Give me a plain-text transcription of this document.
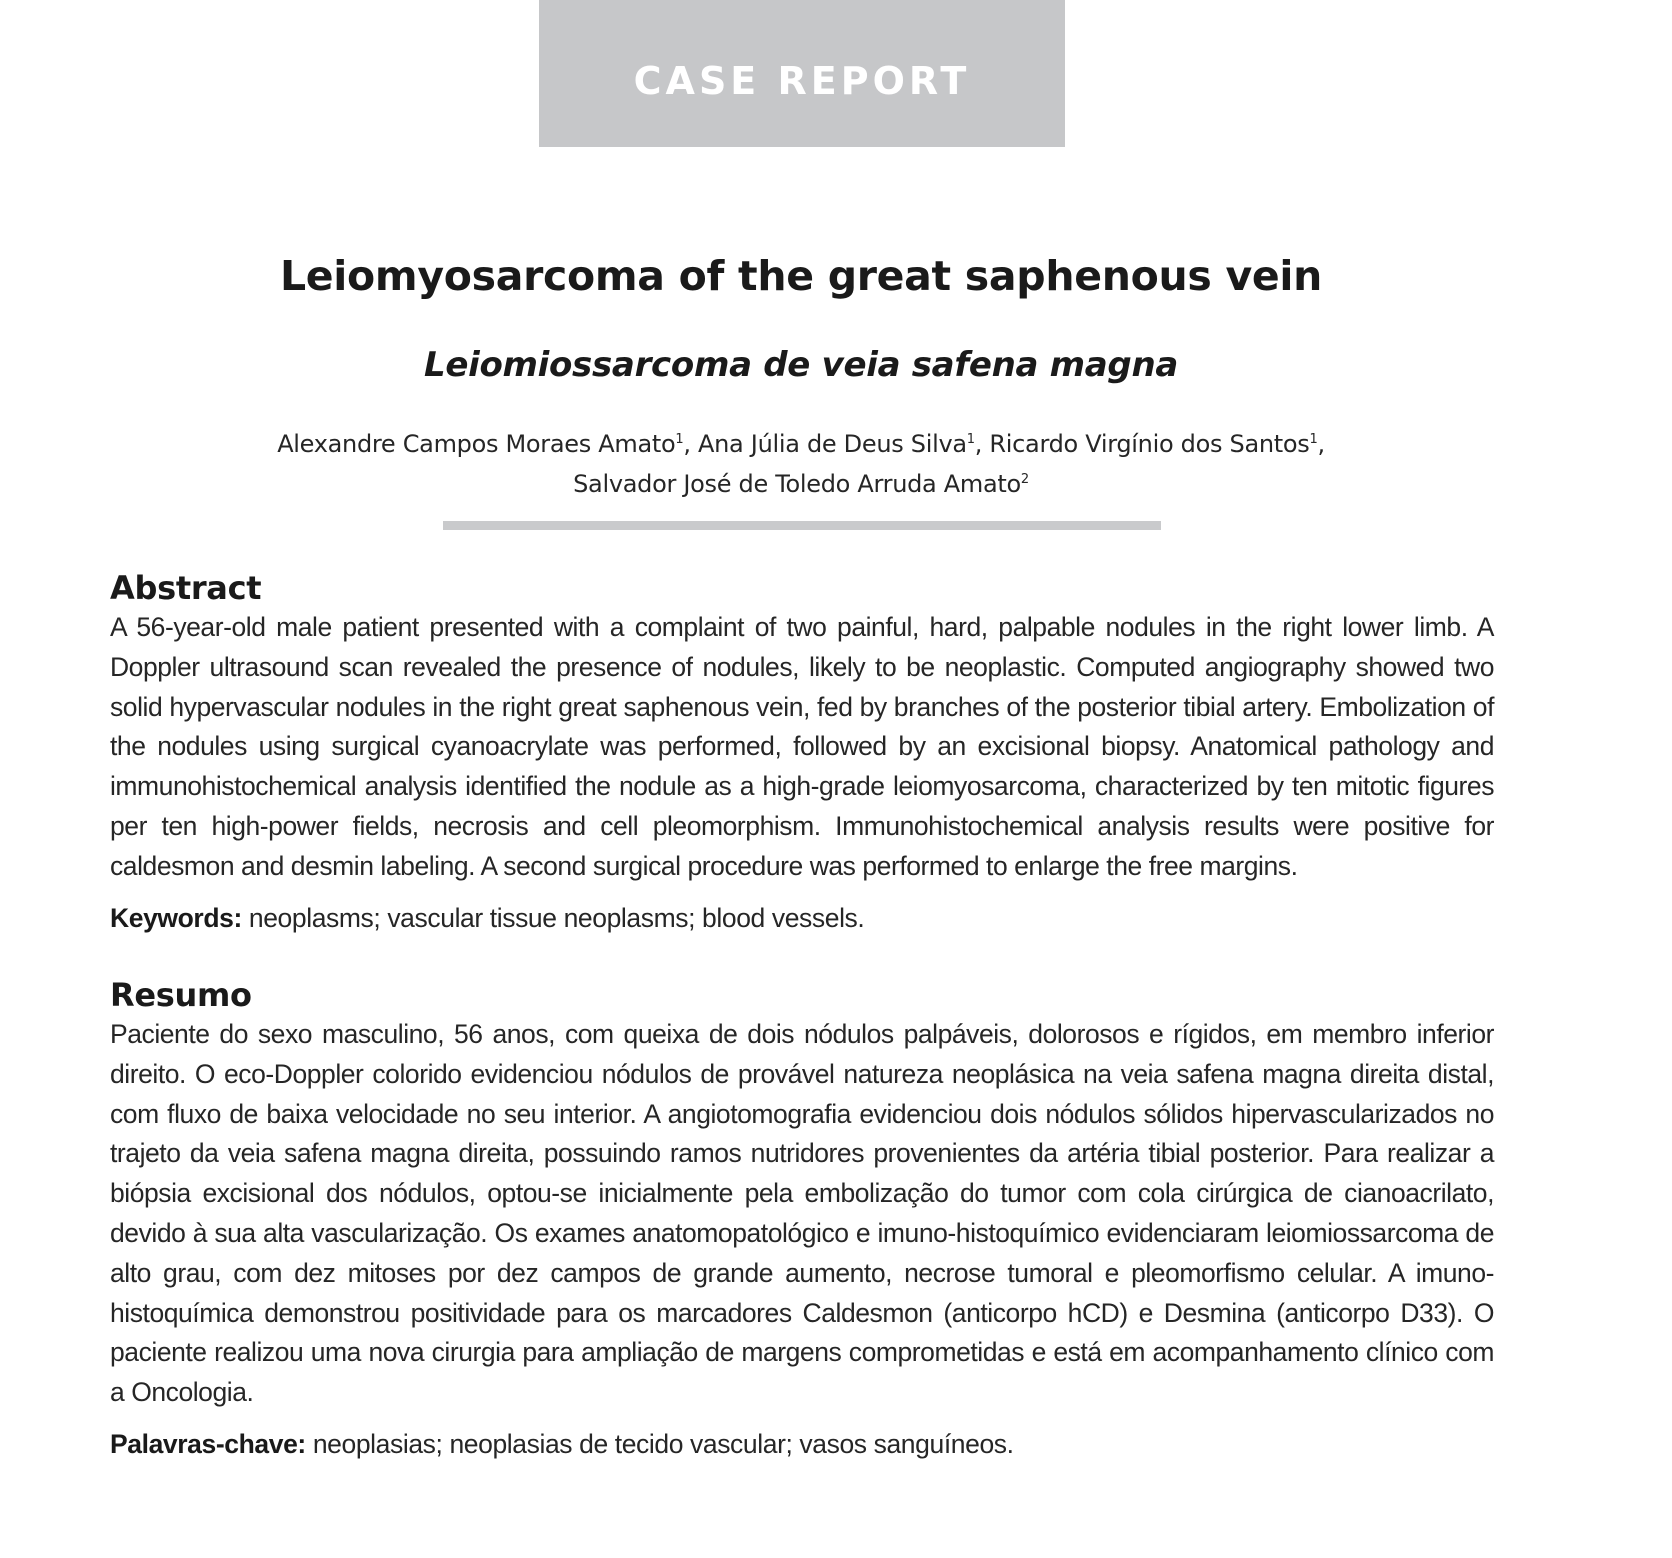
CASE REPORT
Leiomyosarcoma of the great saphenous vein
Leiomiossarcoma de veia safena magna
Alexandre Campos Moraes Amato$^1$, Ana Júlia de Deus Silva$^1$, Ricardo Virgínio dos Santos$^1$,
Salvador José de Toledo Arruda Amato$^2$
Abstract

A 56-year-old male patient presented with a complaint of two painful, hard, palpable nodules in the right lower limb. A Doppler ultrasound scan revealed the presence of nodules, likely to be neoplastic. Computed angiography showed two solid hypervascular nodules in the right great saphenous vein, fed by branches of the posterior tibial artery. Embolization of the nodules using surgical cyanoacrylate was performed, followed by an excisional biopsy. Anatomical pathology and immunohistochemical analysis identified the nodule as a high-grade leiomyosarcoma, characterized by ten mitotic figures per ten high-power fields, necrosis and cell pleomorphism. Immunohistochemical analysis results were positive for caldesmon and desmin labeling. A second surgical procedure was performed to enlarge the free margins.

Keywords: neoplasms; vascular tissue neoplasms; blood vessels.
Resumo

Paciente do sexo masculino, 56 anos, com queixa de dois nódulos palpáveis, dolorosos e rígidos, em membro inferior direito. O eco-Doppler colorido evidenciou nódulos de provável natureza neoplásica na veia safena magna direita distal, com fluxo de baixa velocidade no seu interior. A angiotomografia evidenciou dois nódulos sólidos hipervascularizados no trajeto da veia safena magna direita, possuindo ramos nutridores provenientes da artéria tibial posterior. Para realizar a biópsia excisional dos nódulos, optou-se inicialmente pela embolização do tumor com cola cirúrgica de cianoacrilato, devido à sua alta vascularização. Os exames anatomopatológico e imuno-histoquímico evidenciaram leiomiossarcoma de alto grau, com dez mitoses por dez campos de grande aumento, necrose tumoral e pleomorfismo celular. A imuno-histoquímica demonstrou positividade para os marcadores Caldesmon (anticorpo hCD) e Desmina (anticorpo D33). O paciente realizou uma nova cirurgia para ampliação de margens comprometidas e está em acompanhamento clínico com a Oncologia.

Palavras-chave: neoplasias; neoplasias de tecido vascular; vasos sanguíneos.
